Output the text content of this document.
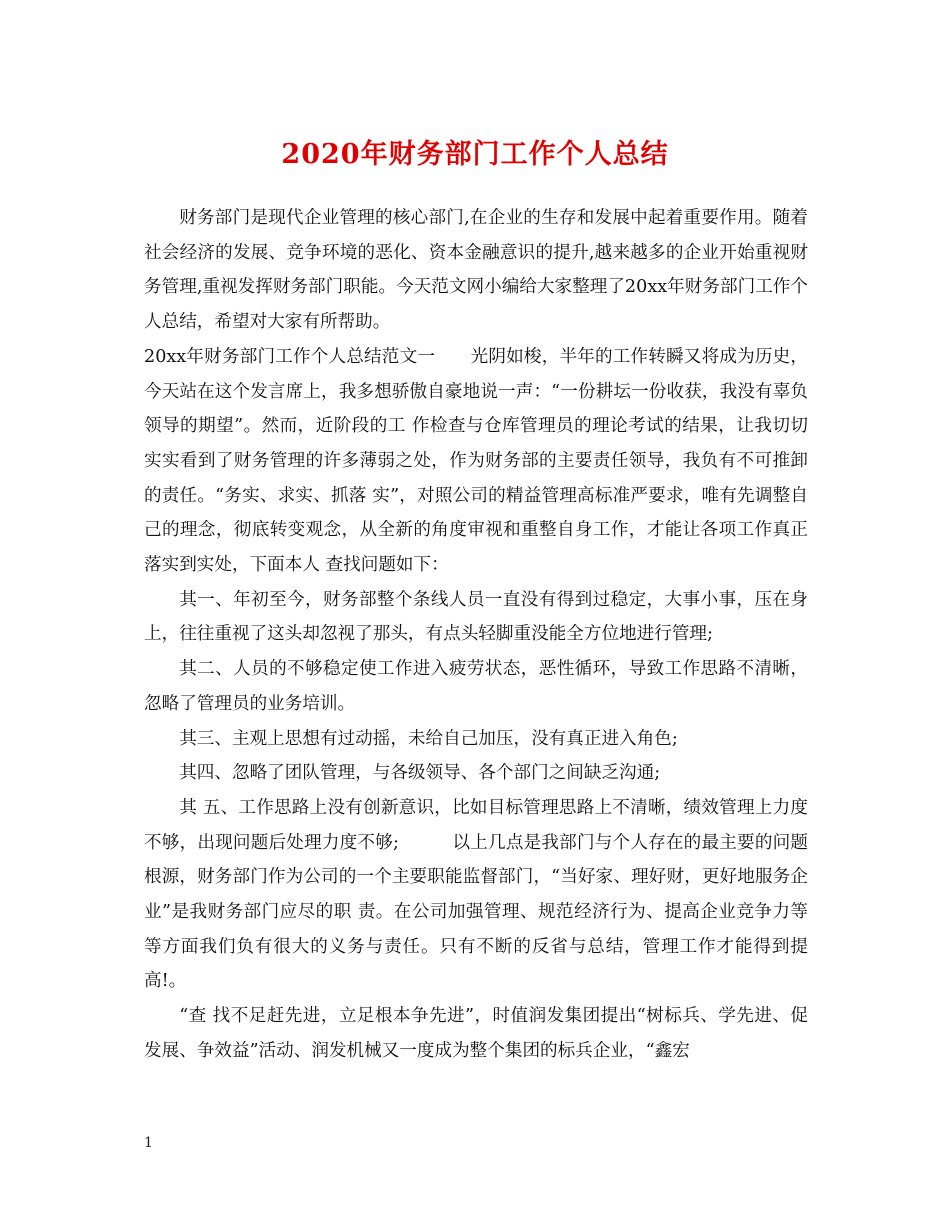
2020年财务部门工作个人总结

财务部门是现代企业管理的核心部门,在企业的生存和发展中起着重要作用。随着社会经济的发展、竞争环境的恶化、资本金融意识的提升,越来越多的企业开始重视财务管理,重视发挥财务部门职能。今天范文网小编给大家整理了20xx年财务部门工作个人总结，希望对大家有所帮助。

20xx年财务部门工作个人总结范文一　　光阴如梭，半年的工作转瞬又将成为历史，今天站在这个发言席上，我多想骄傲自豪地说一声：“一份耕坛一份收获，我没有辜负领导的期望”。然而，近阶段的工 作检查与仓库管理员的理论考试的结果，让我切切实实看到了财务管理的许多薄弱之处，作为财务部的主要责任领导，我负有不可推卸的责任。“务实、求实、抓落 实”，对照公司的精益管理高标准严要求，唯有先调整自己的理念，彻底转变观念，从全新的角度审视和重整自身工作，才能让各项工作真正落实到实处，下面本人 查找问题如下：

其一、年初至今，财务部整个条线人员一直没有得到过稳定，大事小事，压在身上，往往重视了这头却忽视了那头，有点头轻脚重没能全方位地进行管理;

其二、人员的不够稳定使工作进入疲劳状态，恶性循环，导致工作思路不清晰，忽略了管理员的业务培训。

其三、主观上思想有过动摇，未给自己加压，没有真正进入角色;

其四、忽略了团队管理，与各级领导、各个部门之间缺乏沟通;

其 五、工作思路上没有创新意识，比如目标管理思路上不清晰，绩效管理上力度不够，出现问题后处理力度不够;　　　以上几点是我部门与个人存在的最主要的问题根源，财务部门作为公司的一个主要职能监督部门，“当好家、理好财，更好地服务企业”是我财务部门应尽的职 责。在公司加强管理、规范经济行为、提高企业竞争力等等方面我们负有很大的义务与责任。只有不断的反省与总结，管理工作才能得到提高!。

“查 找不足赶先进，立足根本争先进”，时值润发集团提出“树标兵、学先进、促发展、争效益”活动、润发机械又一度成为整个集团的标兵企业，“鑫宏

1
